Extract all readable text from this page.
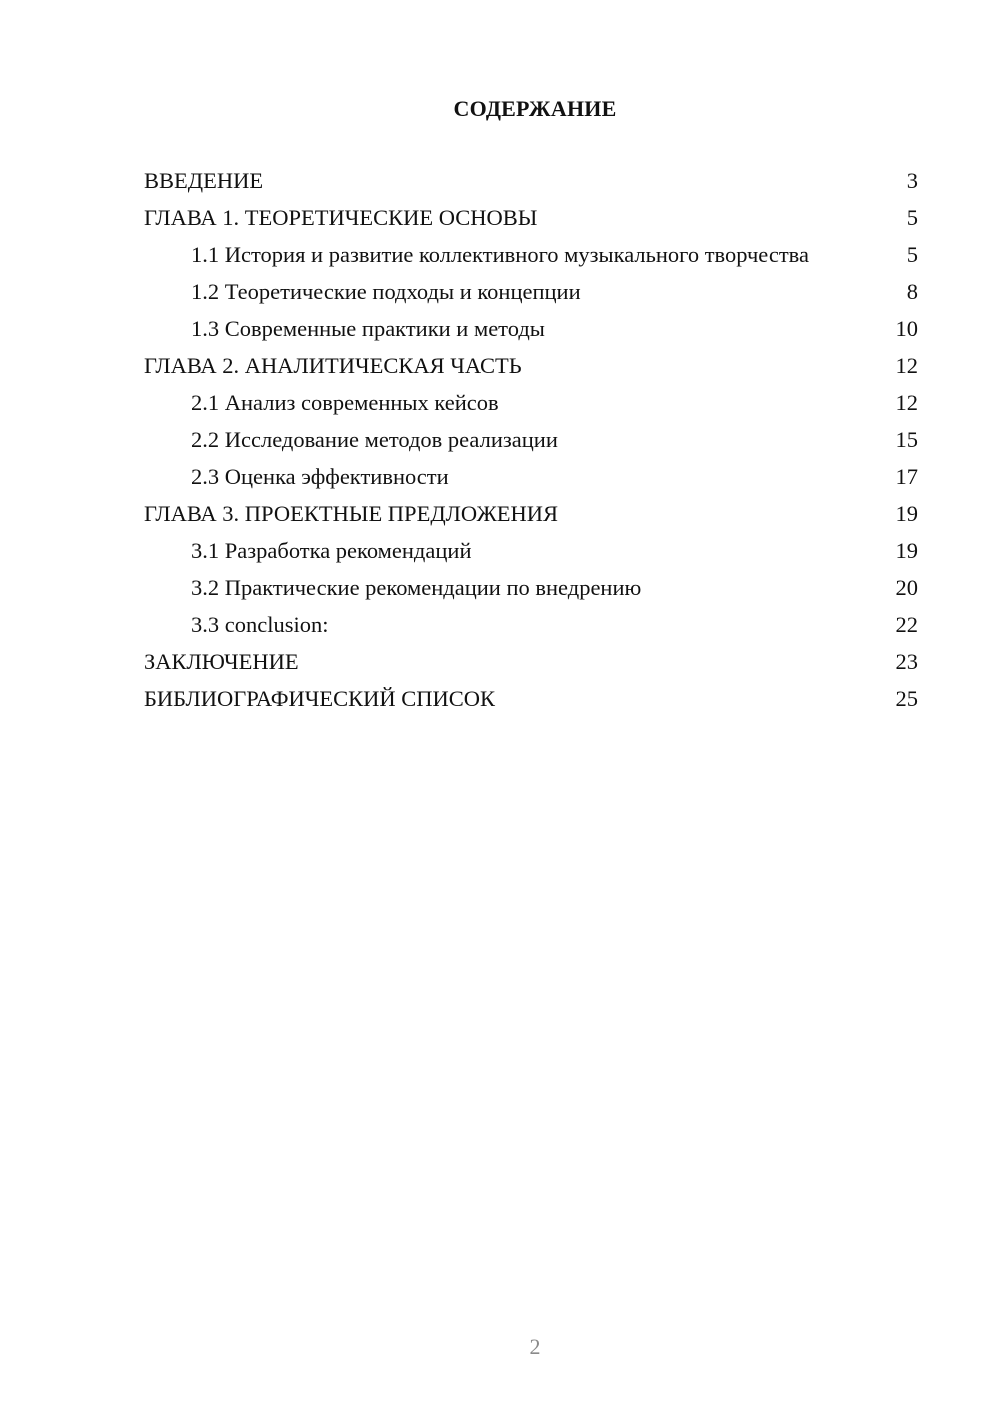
СОДЕРЖАНИЕ
ВВЕДЕНИЕ	3
ГЛАВА 1. ТЕОРЕТИЧЕСКИЕ ОСНОВЫ	5
1.1 История и развитие коллективного музыкального творчества	5
1.2 Теоретические подходы и концепции	8
1.3 Современные практики и методы	10
ГЛАВА 2. АНАЛИТИЧЕСКАЯ ЧАСТЬ	12
2.1 Анализ современных кейсов	12
2.2 Исследование методов реализации	15
2.3 Оценка эффективности	17
ГЛАВА 3. ПРОЕКТНЫЕ ПРЕДЛОЖЕНИЯ	19
3.1 Разработка рекомендаций	19
3.2 Практические рекомендации по внедрению	20
3.3 conclusion:	22
ЗАКЛЮЧЕНИЕ	23
БИБЛИОГРАФИЧЕСКИЙ СПИСОК	25
2
